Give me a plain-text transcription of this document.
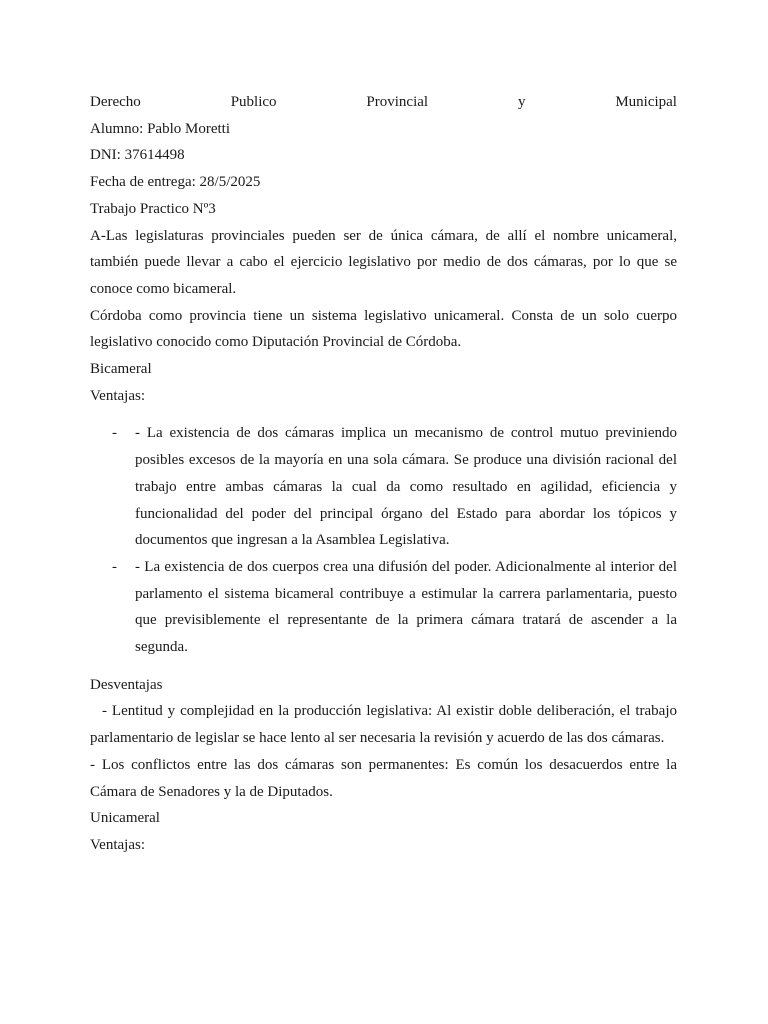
Derecho	Publico	Provincial	y	Municipal

Alumno: Pablo Moretti

DNI: 37614498

Fecha de entrega: 28/5/2025

Trabajo Practico Nº3

A-Las legislaturas provinciales pueden ser de única cámara, de allí el nombre unicameral, también puede llevar a cabo el ejercicio legislativo por medio de dos cámaras, por lo que se conoce como bicameral.

Córdoba como provincia tiene un sistema legislativo unicameral. Consta de un solo cuerpo legislativo conocido como Diputación Provincial de Córdoba.

Bicameral

Ventajas:

- - La existencia de dos cámaras implica un mecanismo de control mutuo previniendo posibles excesos de la mayoría en una sola cámara. Se produce una división racional del trabajo entre ambas cámaras la cual da como resultado en agilidad, eficiencia y funcionalidad del poder del principal órgano del Estado para abordar los tópicos y documentos que ingresan a la Asamblea Legislativa.
- - La existencia de dos cuerpos crea una difusión del poder. Adicionalmente al interior del parlamento el sistema bicameral contribuye a estimular la carrera parlamentaria, puesto que previsiblemente el representante de la primera cámara tratará de ascender a la segunda.

Desventajas

- Lentitud y complejidad en la producción legislativa: Al existir doble deliberación, el trabajo parlamentario de legislar se hace lento al ser necesaria la revisión y acuerdo de las dos cámaras.

- Los conflictos entre las dos cámaras son permanentes: Es común los desacuerdos entre la Cámara de Senadores y la de Diputados.

Unicameral

Ventajas:
